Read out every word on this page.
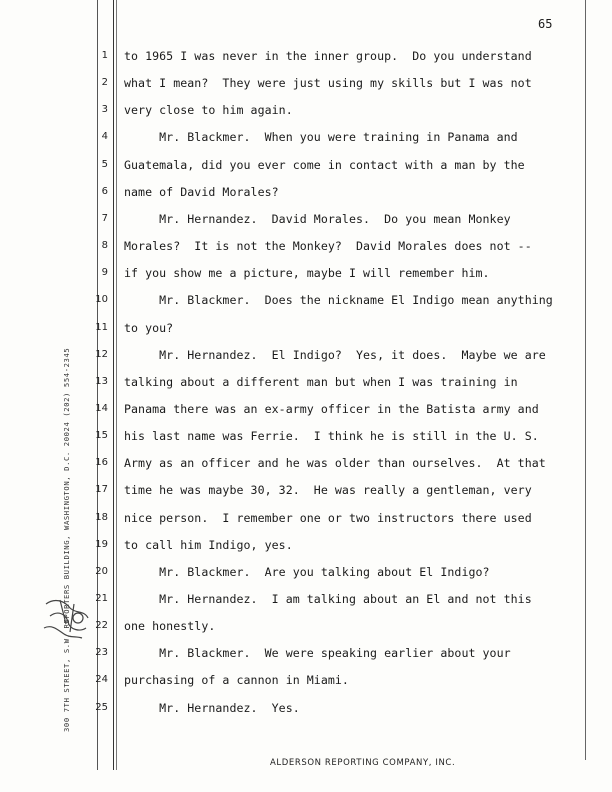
65
300 7TH STREET, S.W. REPORTERS BUILDING, WASHINGTON, D.C. 20024 (202) 554-2345
1 to 1965 I was never in the inner group.  Do you understand
2 what I mean?  They were just using my skills but I was not
3 very close to him again.
4 Mr. Blackmer.  When you were training in Panama and
5 Guatemala, did you ever come in contact with a man by the
6 name of David Morales?
7 Mr. Hernandez.  David Morales.  Do you mean Monkey
8 Morales?  It is not the Monkey?  David Morales does not --
9 if you show me a picture, maybe I will remember him.
10 Mr. Blackmer.  Does the nickname El Indigo mean anything
11 to you?
12 Mr. Hernandez.  El Indigo?  Yes, it does.  Maybe we are
13 talking about a different man but when I was training in
14 Panama there was an ex-army officer in the Batista army and
15 his last name was Ferrie.  I think he is still in the U. S.
16 Army as an officer and he was older than ourselves.  At that
17 time he was maybe 30, 32.  He was really a gentleman, very
18 nice person.  I remember one or two instructors there used
19 to call him Indigo, yes.
20 Mr. Blackmer.  Are you talking about El Indigo?
21 Mr. Hernandez.  I am talking about an El and not this
22 one honestly.
23 Mr. Blackmer.  We were speaking earlier about your
24 purchasing of a cannon in Miami.
25 Mr. Hernandez.  Yes.
ALDERSON REPORTING COMPANY, INC.
